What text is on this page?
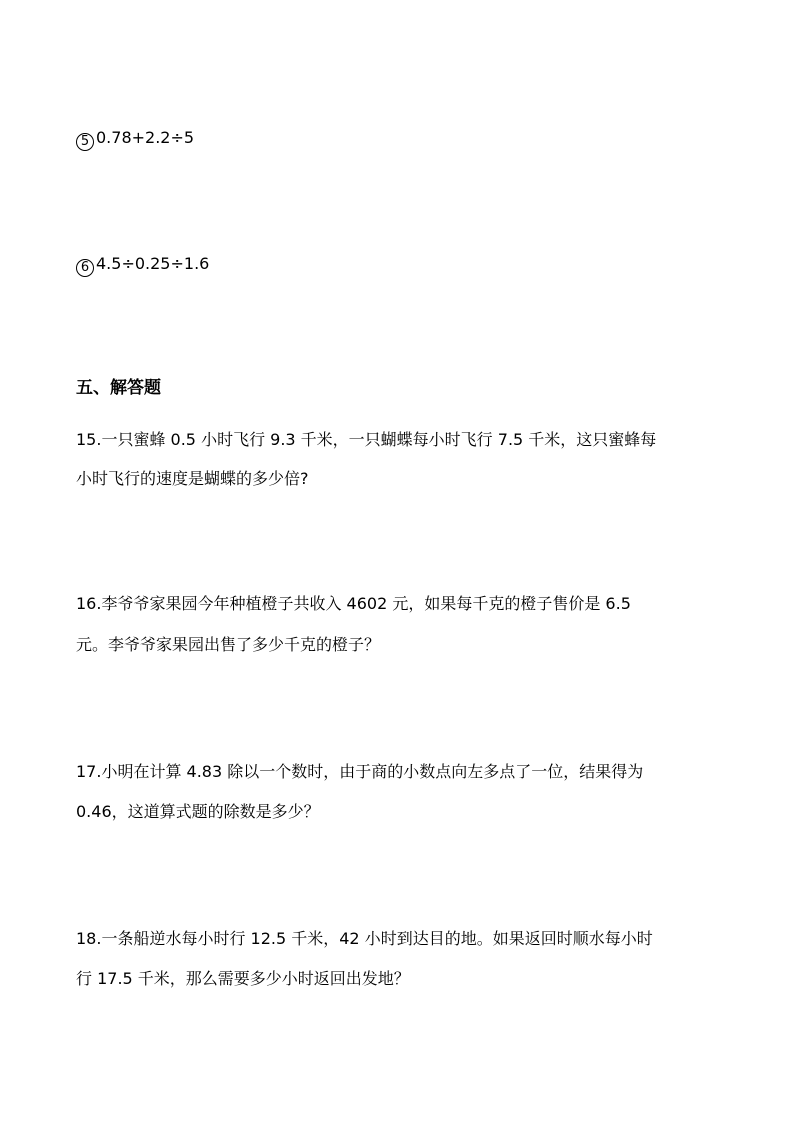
5 0.78+2.2÷5
6 4.5÷0.25÷1.6
五、解答题
15.一只蜜蜂 0.5 小时飞行 9.3 千米，一只蝴蝶每小时飞行 7.5 千米，这只蜜蜂每
小时飞行的速度是蝴蝶的多少倍?
16.李爷爷家果园今年种植橙子共收入 4602 元，如果每千克的橙子售价是 6.5
元。李爷爷家果园出售了多少千克的橙子？
17.小明在计算 4.83 除以一个数时，由于商的小数点向左多点了一位，结果得为
0.46，这道算式题的除数是多少？
18.一条船逆水每小时行 12.5 千米，42 小时到达目的地。如果返回时顺水每小时
行 17.5 千米，那么需要多少小时返回出发地？
